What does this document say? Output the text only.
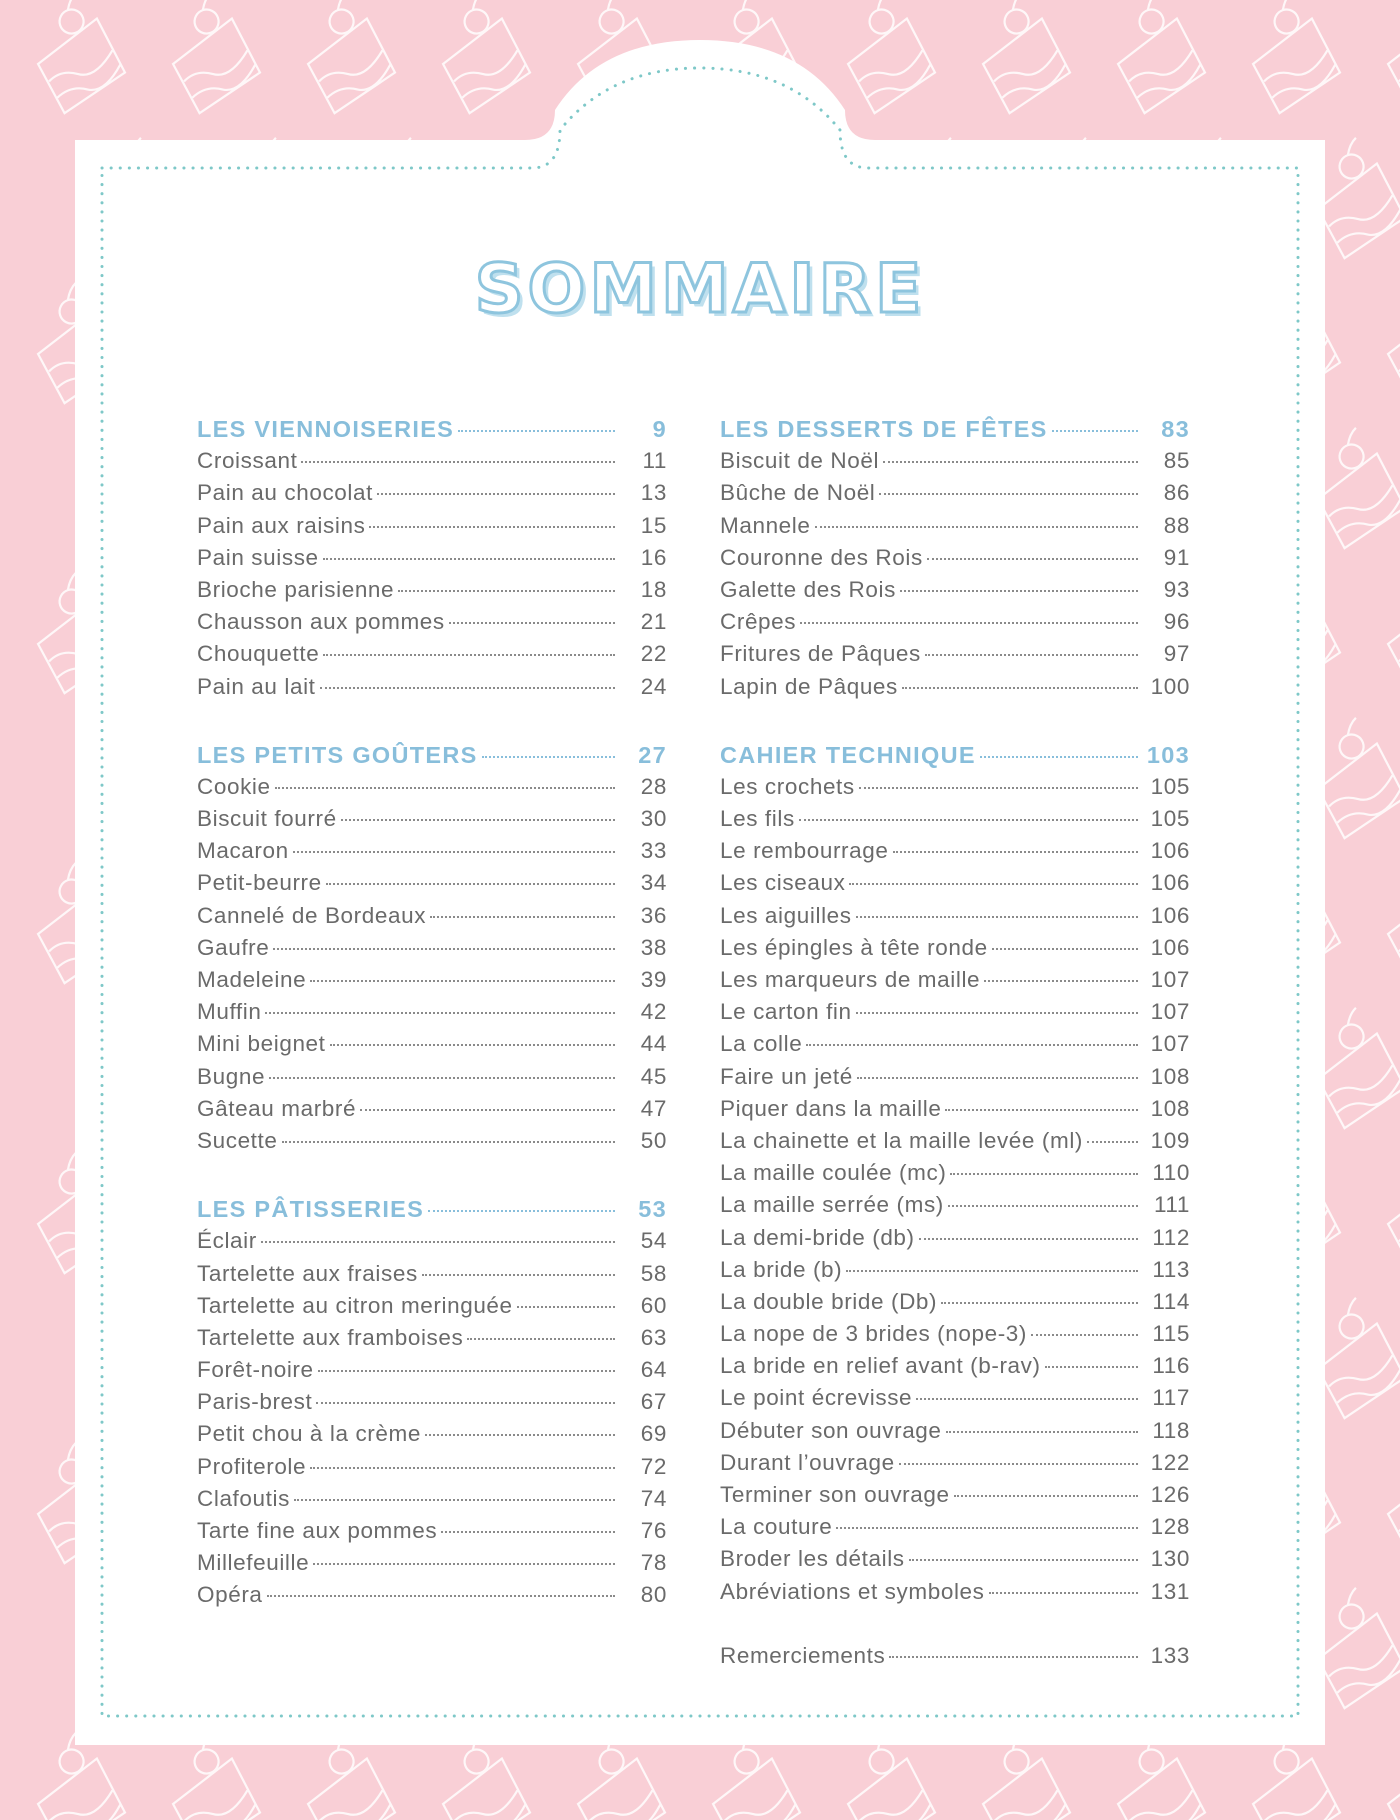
SOMMAIRE
LES VIENNOISERIES	9
Croissant	11
Pain au chocolat	13
Pain aux raisins	15
Pain suisse	16
Brioche parisienne	18
Chausson aux pommes	21
Chouquette	22
Pain au lait	24
LES PETITS GOÛTERS	27
Cookie	28
Biscuit fourré	30
Macaron	33
Petit-beurre	34
Cannelé de Bordeaux	36
Gaufre	38
Madeleine	39
Muffin	42
Mini beignet	44
Bugne	45
Gâteau marbré	47
Sucette	50
LES PÂTISSERIES	53
Éclair	54
Tartelette aux fraises	58
Tartelette au citron meringuée	60
Tartelette aux framboises	63
Forêt-noire	64
Paris-brest	67
Petit chou à la crème	69
Profiterole	72
Clafoutis	74
Tarte fine aux pommes	76
Millefeuille	78
Opéra	80
LES DESSERTS DE FÊTES	83
Biscuit de Noël	85
Bûche de Noël	86
Mannele	88
Couronne des Rois	91
Galette des Rois	93
Crêpes	96
Fritures de Pâques	97
Lapin de Pâques	100
CAHIER TECHNIQUE	103
Les crochets	105
Les fils	105
Le rembourrage	106
Les ciseaux	106
Les aiguilles	106
Les épingles à tête ronde	106
Les marqueurs de maille	107
Le carton fin	107
La colle	107
Faire un jeté	108
Piquer dans la maille	108
La chainette et la maille levée (ml)	109
La maille coulée (mc)	110
La maille serrée (ms)	111
La demi-bride (db)	112
La bride (b)	113
La double bride (Db)	114
La nope de 3 brides (nope-3)	115
La bride en relief avant (b-rav)	116
Le point écrevisse	117
Débuter son ouvrage	118
Durant l’ouvrage	122
Terminer son ouvrage	126
La couture	128
Broder les détails	130
Abréviations et symboles	131
Remerciements	133
